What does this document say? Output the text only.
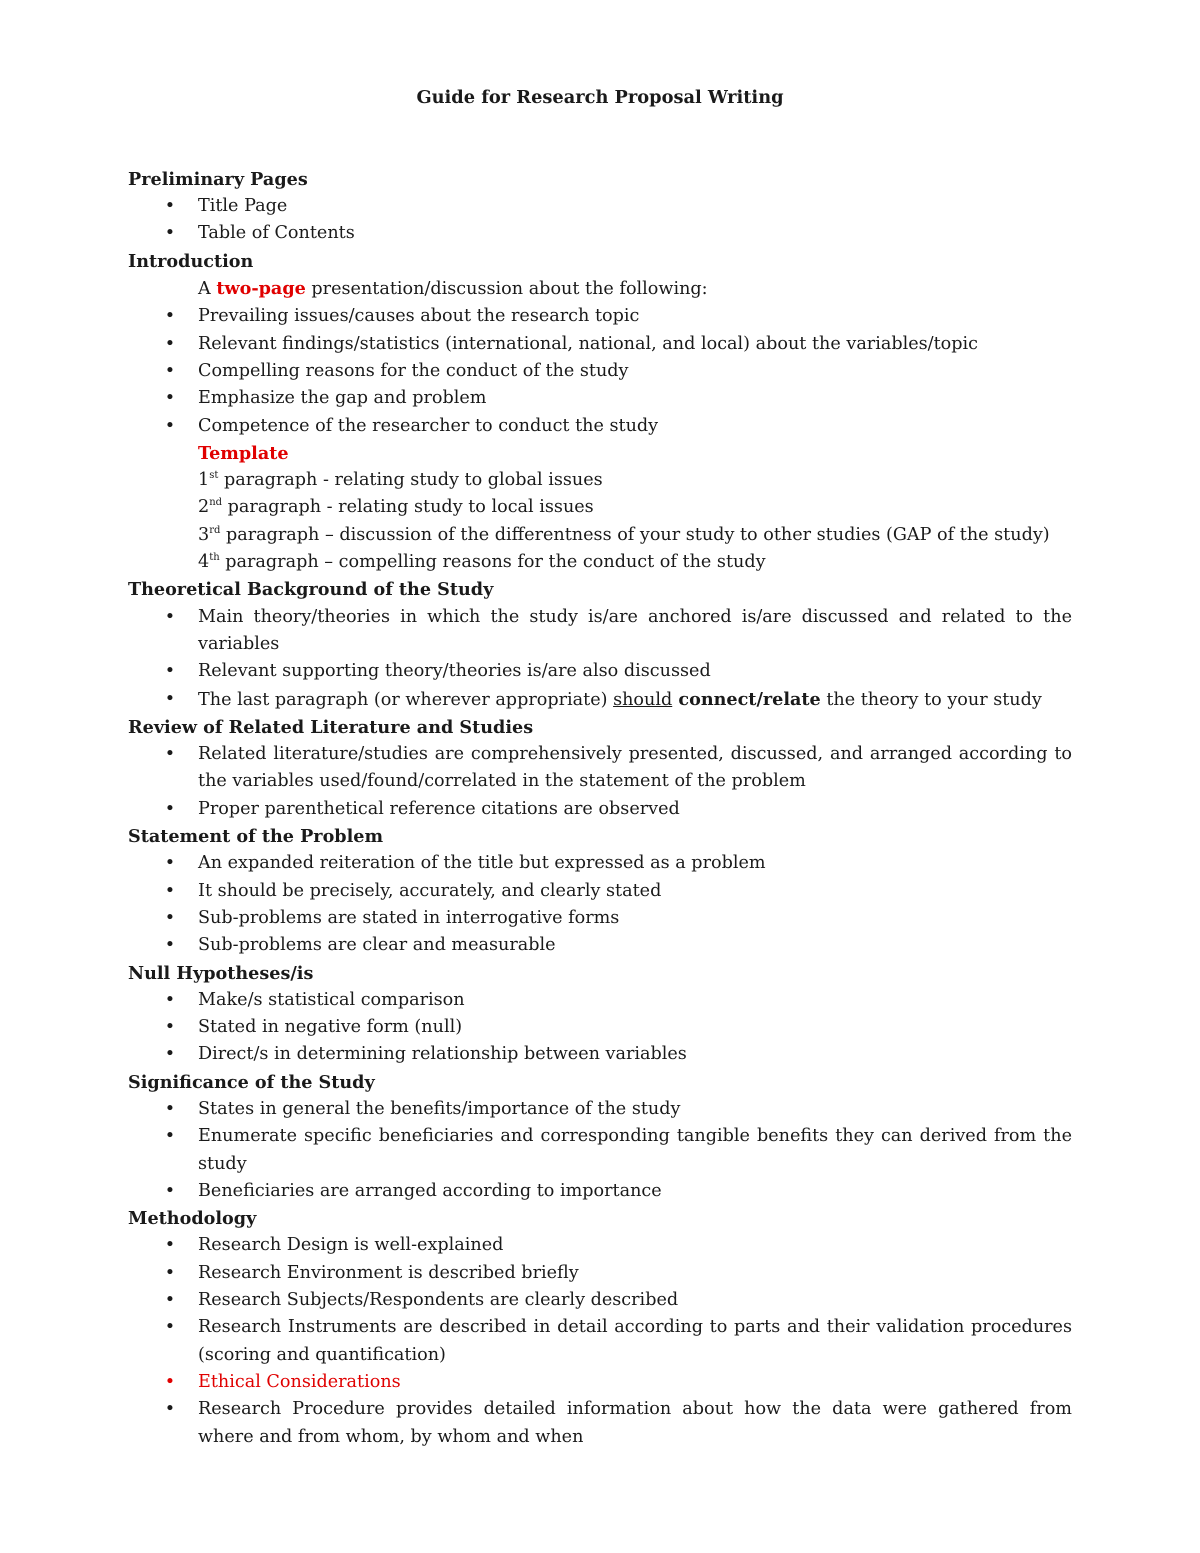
Guide for Research Proposal Writing
Preliminary Pages
• Title Page
• Table of Contents
Introduction
A two-page presentation/discussion about the following:
• Prevailing issues/causes about the research topic
• Relevant findings/statistics (international, national, and local) about the variables/topic
• Compelling reasons for the conduct of the study
• Emphasize the gap and problem
• Competence of the researcher to conduct the study
Template
1st paragraph - relating study to global issues
2nd paragraph - relating study to local issues
3rd paragraph – discussion of the differentness of your study to other studies (GAP of the study)
4th paragraph – compelling reasons for the conduct of the study
Theoretical Background of the Study
• Main theory/theories in which the study is/are anchored is/are discussed and related to the variables
• Relevant supporting theory/theories is/are also discussed
• The last paragraph (or wherever appropriate) should connect/relate the theory to your study
Review of Related Literature and Studies
• Related literature/studies are comprehensively presented, discussed, and arranged according to the variables used/found/correlated in the statement of the problem
• Proper parenthetical reference citations are observed
Statement of the Problem
• An expanded reiteration of the title but expressed as a problem
• It should be precisely, accurately, and clearly stated
• Sub-problems are stated in interrogative forms
• Sub-problems are clear and measurable
Null Hypotheses/is
• Make/s statistical comparison
• Stated in negative form (null)
• Direct/s in determining relationship between variables
Significance of the Study
• States in general the benefits/importance of the study
• Enumerate specific beneficiaries and corresponding tangible benefits they can derived from the study
• Beneficiaries are arranged according to importance
Methodology
• Research Design is well-explained
• Research Environment is described briefly
• Research Subjects/Respondents are clearly described
• Research Instruments are described in detail according to parts and their validation procedures (scoring and quantification)
• Ethical Considerations
• Research Procedure provides detailed information about how the data were gathered from where and from whom, by whom and when
